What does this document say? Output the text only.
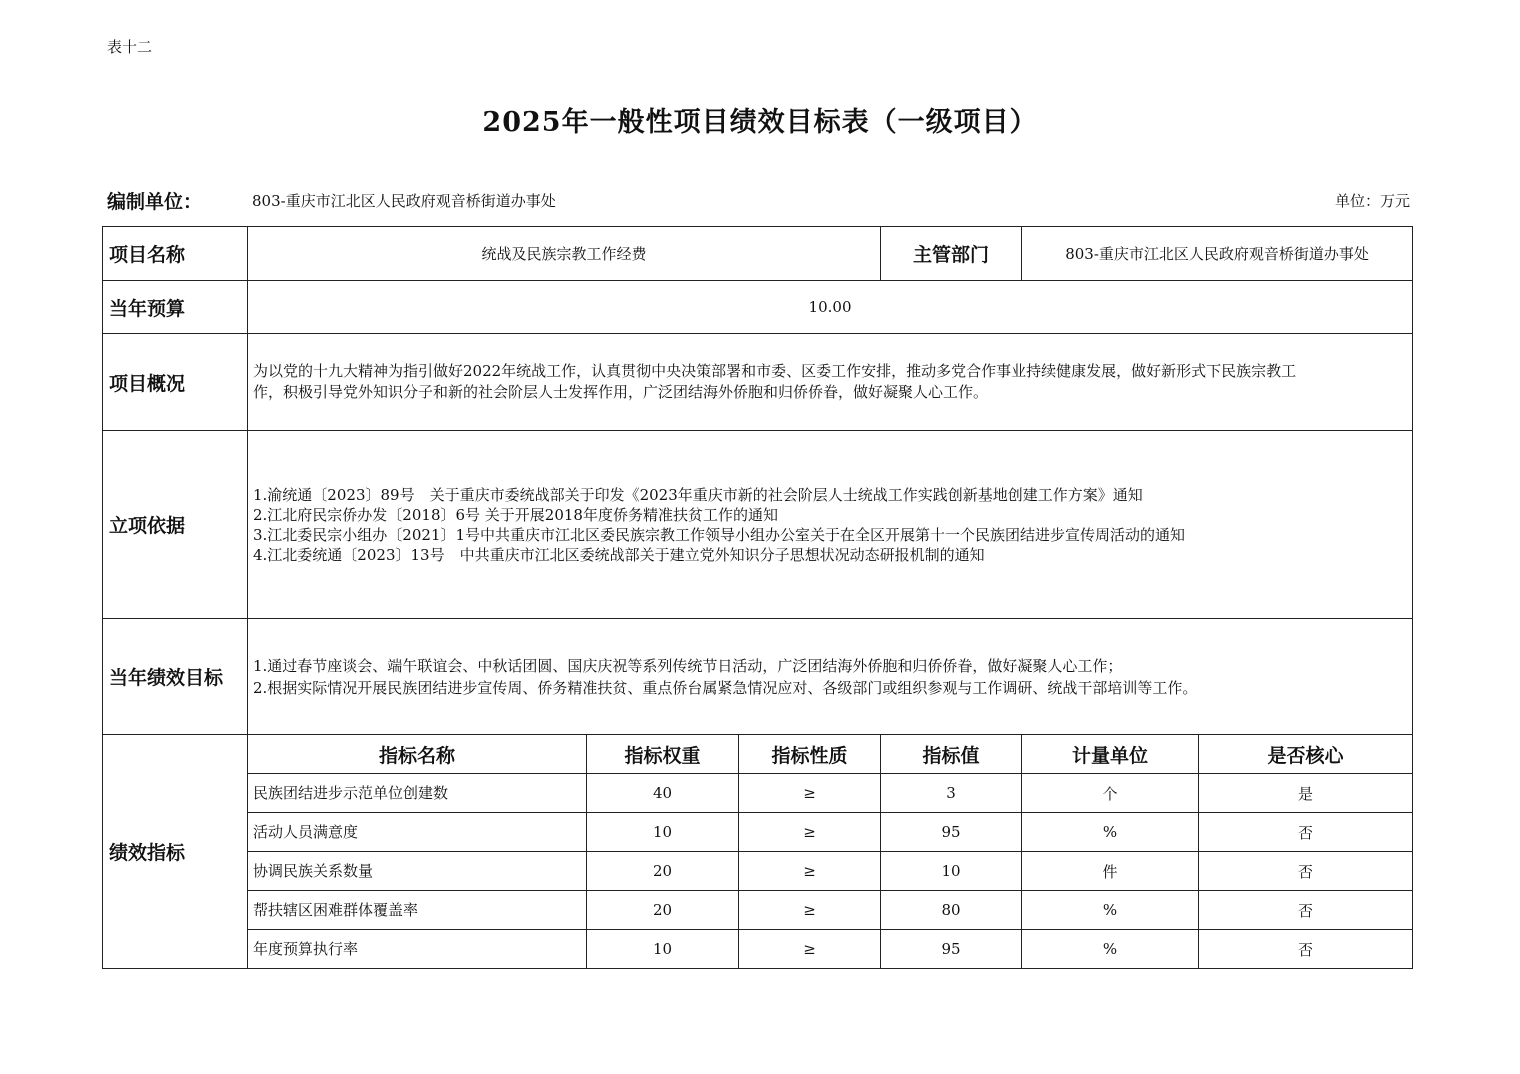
表十二
2025年一般性项目绩效目标表（一级项目）
编制单位：	803-重庆市江北区人民政府观音桥街道办事处	单位：万元
项目名称	统战及民族宗教工作经费			主管部门	803-重庆市江北区人民政府观音桥街道办事处	
当年预算	10.00					
项目概况	为以党的十九大精神为指引做好2022年统战工作，认真贯彻中央决策部署和市委、区委工作安排，推动多党合作事业持续健康发展，做好新形式下民族宗教工
作，积极引导党外知识分子和新的社会阶层人士发挥作用，广泛团结海外侨胞和归侨侨眷，做好凝聚人心工作。					

立项依据	1.渝统通〔2023〕89号　关于重庆市委统战部关于印发《2023年重庆市新的社会阶层人士统战工作实践创新基地创建工作方案》通知
2.江北府民宗侨办发〔2018〕6号 关于开展2018年度侨务精准扶贫工作的通知
3.江北委民宗小组办〔2021〕1号中共重庆市江北区委民族宗教工作领导小组办公室关于在全区开展第十一个民族团结进步宣传周活动的通知
4.江北委统通〔2023〕13号　中共重庆市江北区委统战部关于建立党外知识分子思想状况动态研报机制的通知					

当年绩效目标	1.通过春节座谈会、端午联谊会、中秋话团圆、国庆庆祝等系列传统节日活动，广泛团结海外侨胞和归侨侨眷，做好凝聚人心工作；
2.根据实际情况开展民族团结进步宣传周、侨务精准扶贫、重点侨台属紧急情况应对、各级部门或组织参观与工作调研、统战干部培训等工作。					

绩效指标	指标名称	指标权重	指标性质	指标值	计量单位	是否核心
	民族团结进步示范单位创建数	40	≥	3	个	是
	活动人员满意度	10	≥	95	%	否
	协调民族关系数量	20	≥	10	件	否
	帮扶辖区困难群体覆盖率	20	≥	80	%	否
	年度预算执行率	10	≥	95	%	否
